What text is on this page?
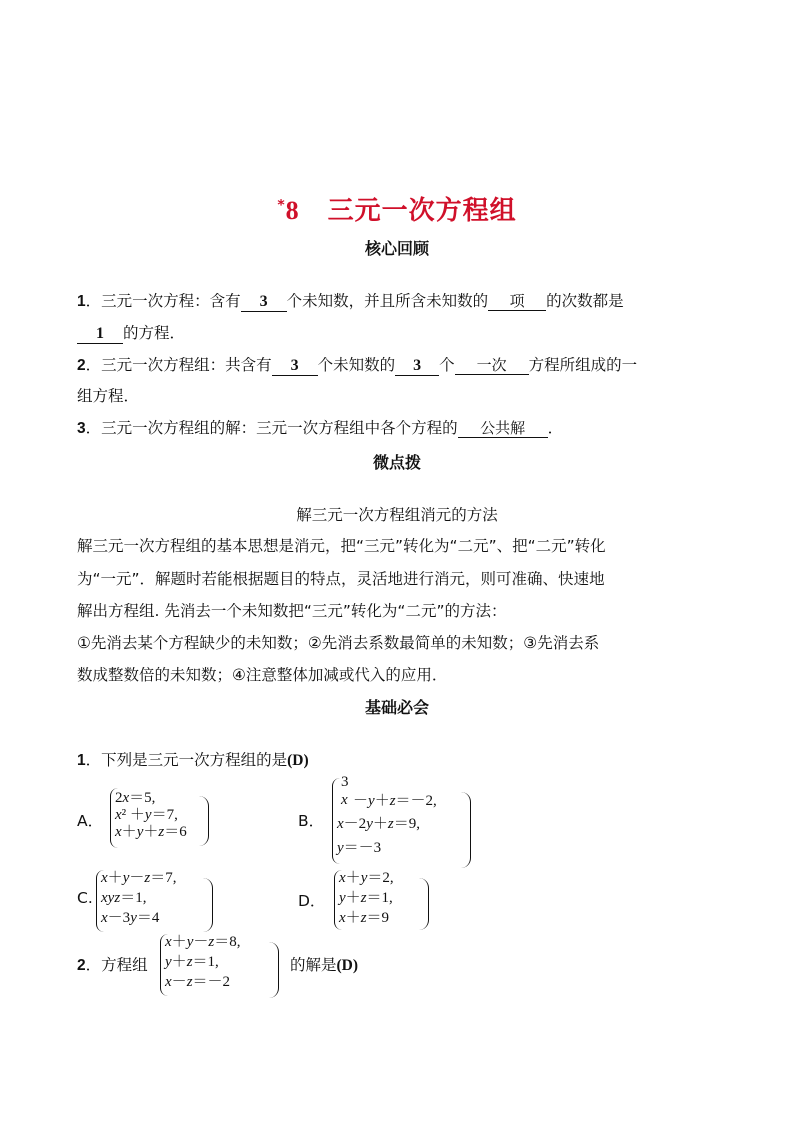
*8 三元一次方程组
核心回顾
1．三元一次方程：含有 3 个未知数，并且所含未知数的 项 的次数都是
1 的方程．
2．三元一次方程组：共含有 3 个未知数的 3 个 一次 方程所组成的一
组方程．
3．三元一次方程组的解：三元一次方程组中各个方程的 公共解 ．
微点拨
解三元一次方程组消元的方法
解三元一次方程组的基本思想是消元，把“三元”转化为“二元”、把“二元”转化
为“一元”．解题时若能根据题目的特点，灵活地进行消元，则可准确、快速地
解出方程组. 先消去一个未知数把“三元”转化为“二元”的方法：
①先消去某个方程缺少的未知数；②先消去系数最简单的未知数；③先消去系
数成整数倍的未知数；④注意整体加减或代入的应用．
基础必会
1．下列是三元一次方程组的是(D)
A．
2x＝5,
x² ＋y＝7,
x＋y＋z＝6
B．
3
x －y＋z＝－2,
x－2y＋z＝9,
y＝－3
C.
x＋y－z＝7,
xyz＝1,
x－3y＝4
D．
x＋y＝2,
y＋z＝1,
x＋z＝9
2．方程组
x＋y－z＝8,
y＋z＝1,
x－z＝－2
的解是(D)
